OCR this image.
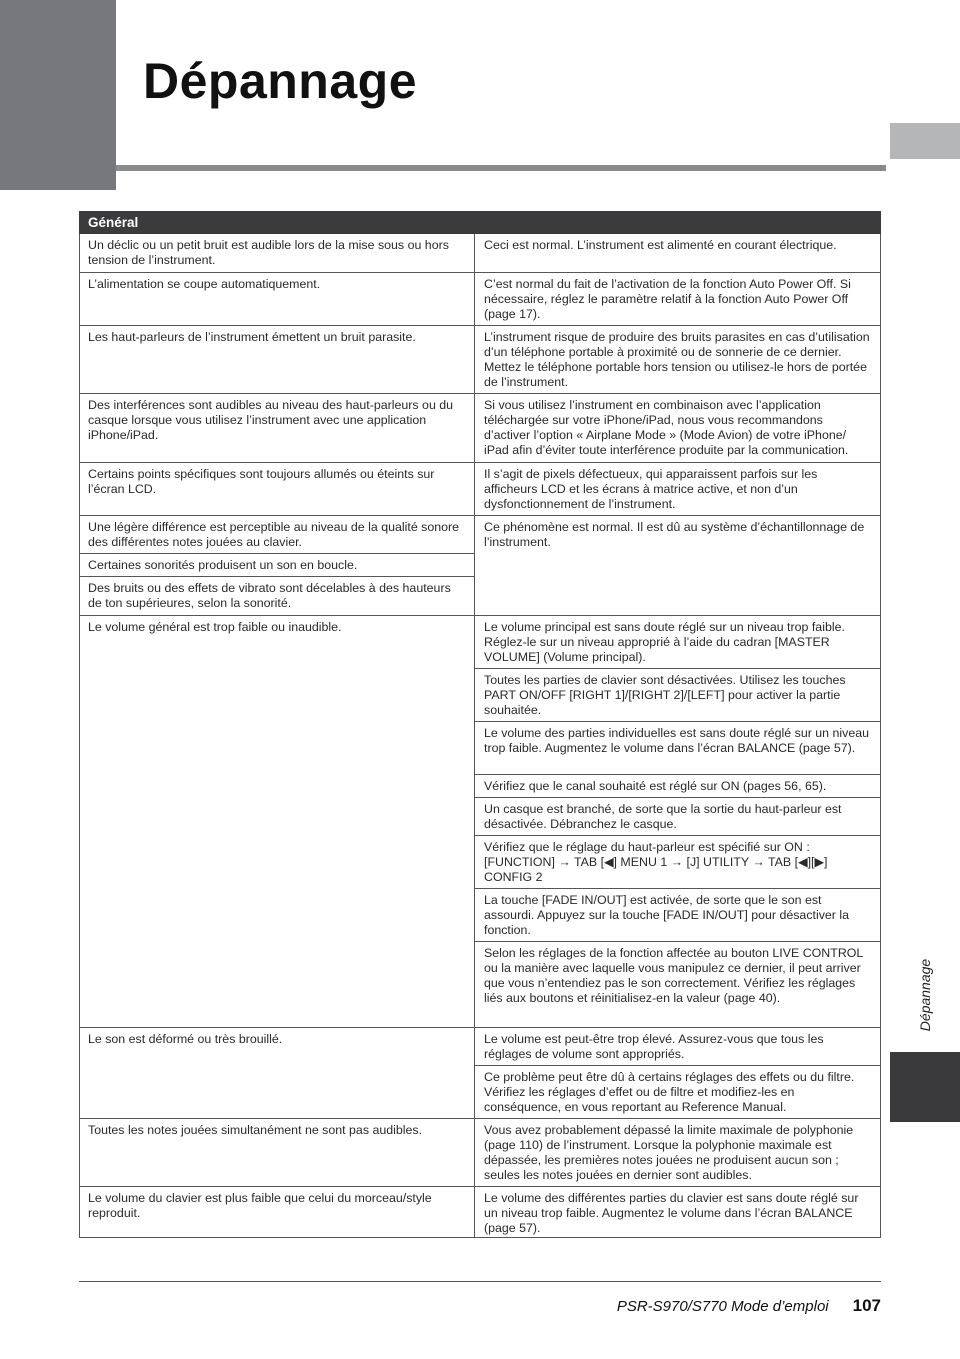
Dépannage
Dépannage
Général
Un déclic ou un petit bruit est audible lors de la mise sous ou hors tension de l’instrument.
L’alimentation se coupe automatiquement.
Les haut-parleurs de l’instrument émettent un bruit parasite.
Des interférences sont audibles au niveau des haut-parleurs ou du casque lorsque vous utilisez l’instrument avec une application iPhone/iPad.
Certains points spécifiques sont toujours allumés ou éteints sur l’écran LCD.
Une légère différence est perceptible au niveau de la qualité sonore des différentes notes jouées au clavier.
Certaines sonorités produisent un son en boucle.
Des bruits ou des effets de vibrato sont décelables à des hauteurs de ton supérieures, selon la sonorité.
Le volume général est trop faible ou inaudible.
Le son est déformé ou très brouillé.
Toutes les notes jouées simultanément ne sont pas audibles.
Le volume du clavier est plus faible que celui du morceau/style reproduit.
Ceci est normal. L’instrument est alimenté en courant électrique.
C’est normal du fait de l’activation de la fonction Auto Power Off. Si nécessaire, réglez le paramètre relatif à la fonction Auto Power Off (page 17).
L’instrument risque de produire des bruits parasites en cas d’utilisation d’un téléphone portable à proximité ou de sonnerie de ce dernier. Mettez le téléphone portable hors tension ou utilisez-le hors de portée de l’instrument.
Si vous utilisez l’instrument en combinaison avec l’application téléchargée sur votre iPhone/iPad, nous vous recommandons d’activer l’option « Airplane Mode » (Mode Avion) de votre iPhone/ iPad afin d’éviter toute interférence produite par la communication.
Il s’agit de pixels défectueux, qui apparaissent parfois sur les afficheurs LCD et les écrans à matrice active, et non d’un dysfonctionnement de l’instrument.
Ce phénomène est normal. Il est dû au système d’échantillonnage de l’instrument.
Le volume principal est sans doute réglé sur un niveau trop faible. Réglez-le sur un niveau approprié à l’aide du cadran [MASTER VOLUME] (Volume principal).
Toutes les parties de clavier sont désactivées. Utilisez les touches PART ON/OFF [RIGHT 1]/[RIGHT 2]/[LEFT] pour activer la partie souhaitée.
Le volume des parties individuelles est sans doute réglé sur un niveau trop faible. Augmentez le volume dans l’écran BALANCE (page 57).
Vérifiez que le canal souhaité est réglé sur ON (pages 56, 65).
Un casque est branché, de sorte que la sortie du haut-parleur est désactivée. Débranchez le casque.
Vérifiez que le réglage du haut-parleur est spécifié sur ON : [FUNCTION] → TAB [◀] MENU 1 → [J] UTILITY → TAB [◀][▶] CONFIG 2
La touche [FADE IN/OUT] est activée, de sorte que le son est assourdi. Appuyez sur la touche [FADE IN/OUT] pour désactiver la fonction.
Selon les réglages de la fonction affectée au bouton LIVE CONTROL ou la manière avec laquelle vous manipulez ce dernier, il peut arriver que vous n’entendiez pas le son correctement. Vérifiez les réglages liés aux boutons et réinitialisez-en la valeur (page 40).
Le volume est peut-être trop élevé. Assurez-vous que tous les réglages de volume sont appropriés.
Ce problème peut être dû à certains réglages des effets ou du filtre. Vérifiez les réglages d’effet ou de filtre et modifiez-les en conséquence, en vous reportant au Reference Manual.
Vous avez probablement dépassé la limite maximale de polyphonie (page 110) de l’instrument. Lorsque la polyphonie maximale est dépassée, les premières notes jouées ne produisent aucun son ; seules les notes jouées en dernier sont audibles.
Le volume des différentes parties du clavier est sans doute réglé sur un niveau trop faible. Augmentez le volume dans l’écran BALANCE (page 57).
PSR-S970/S770 Mode d’emploi 107
